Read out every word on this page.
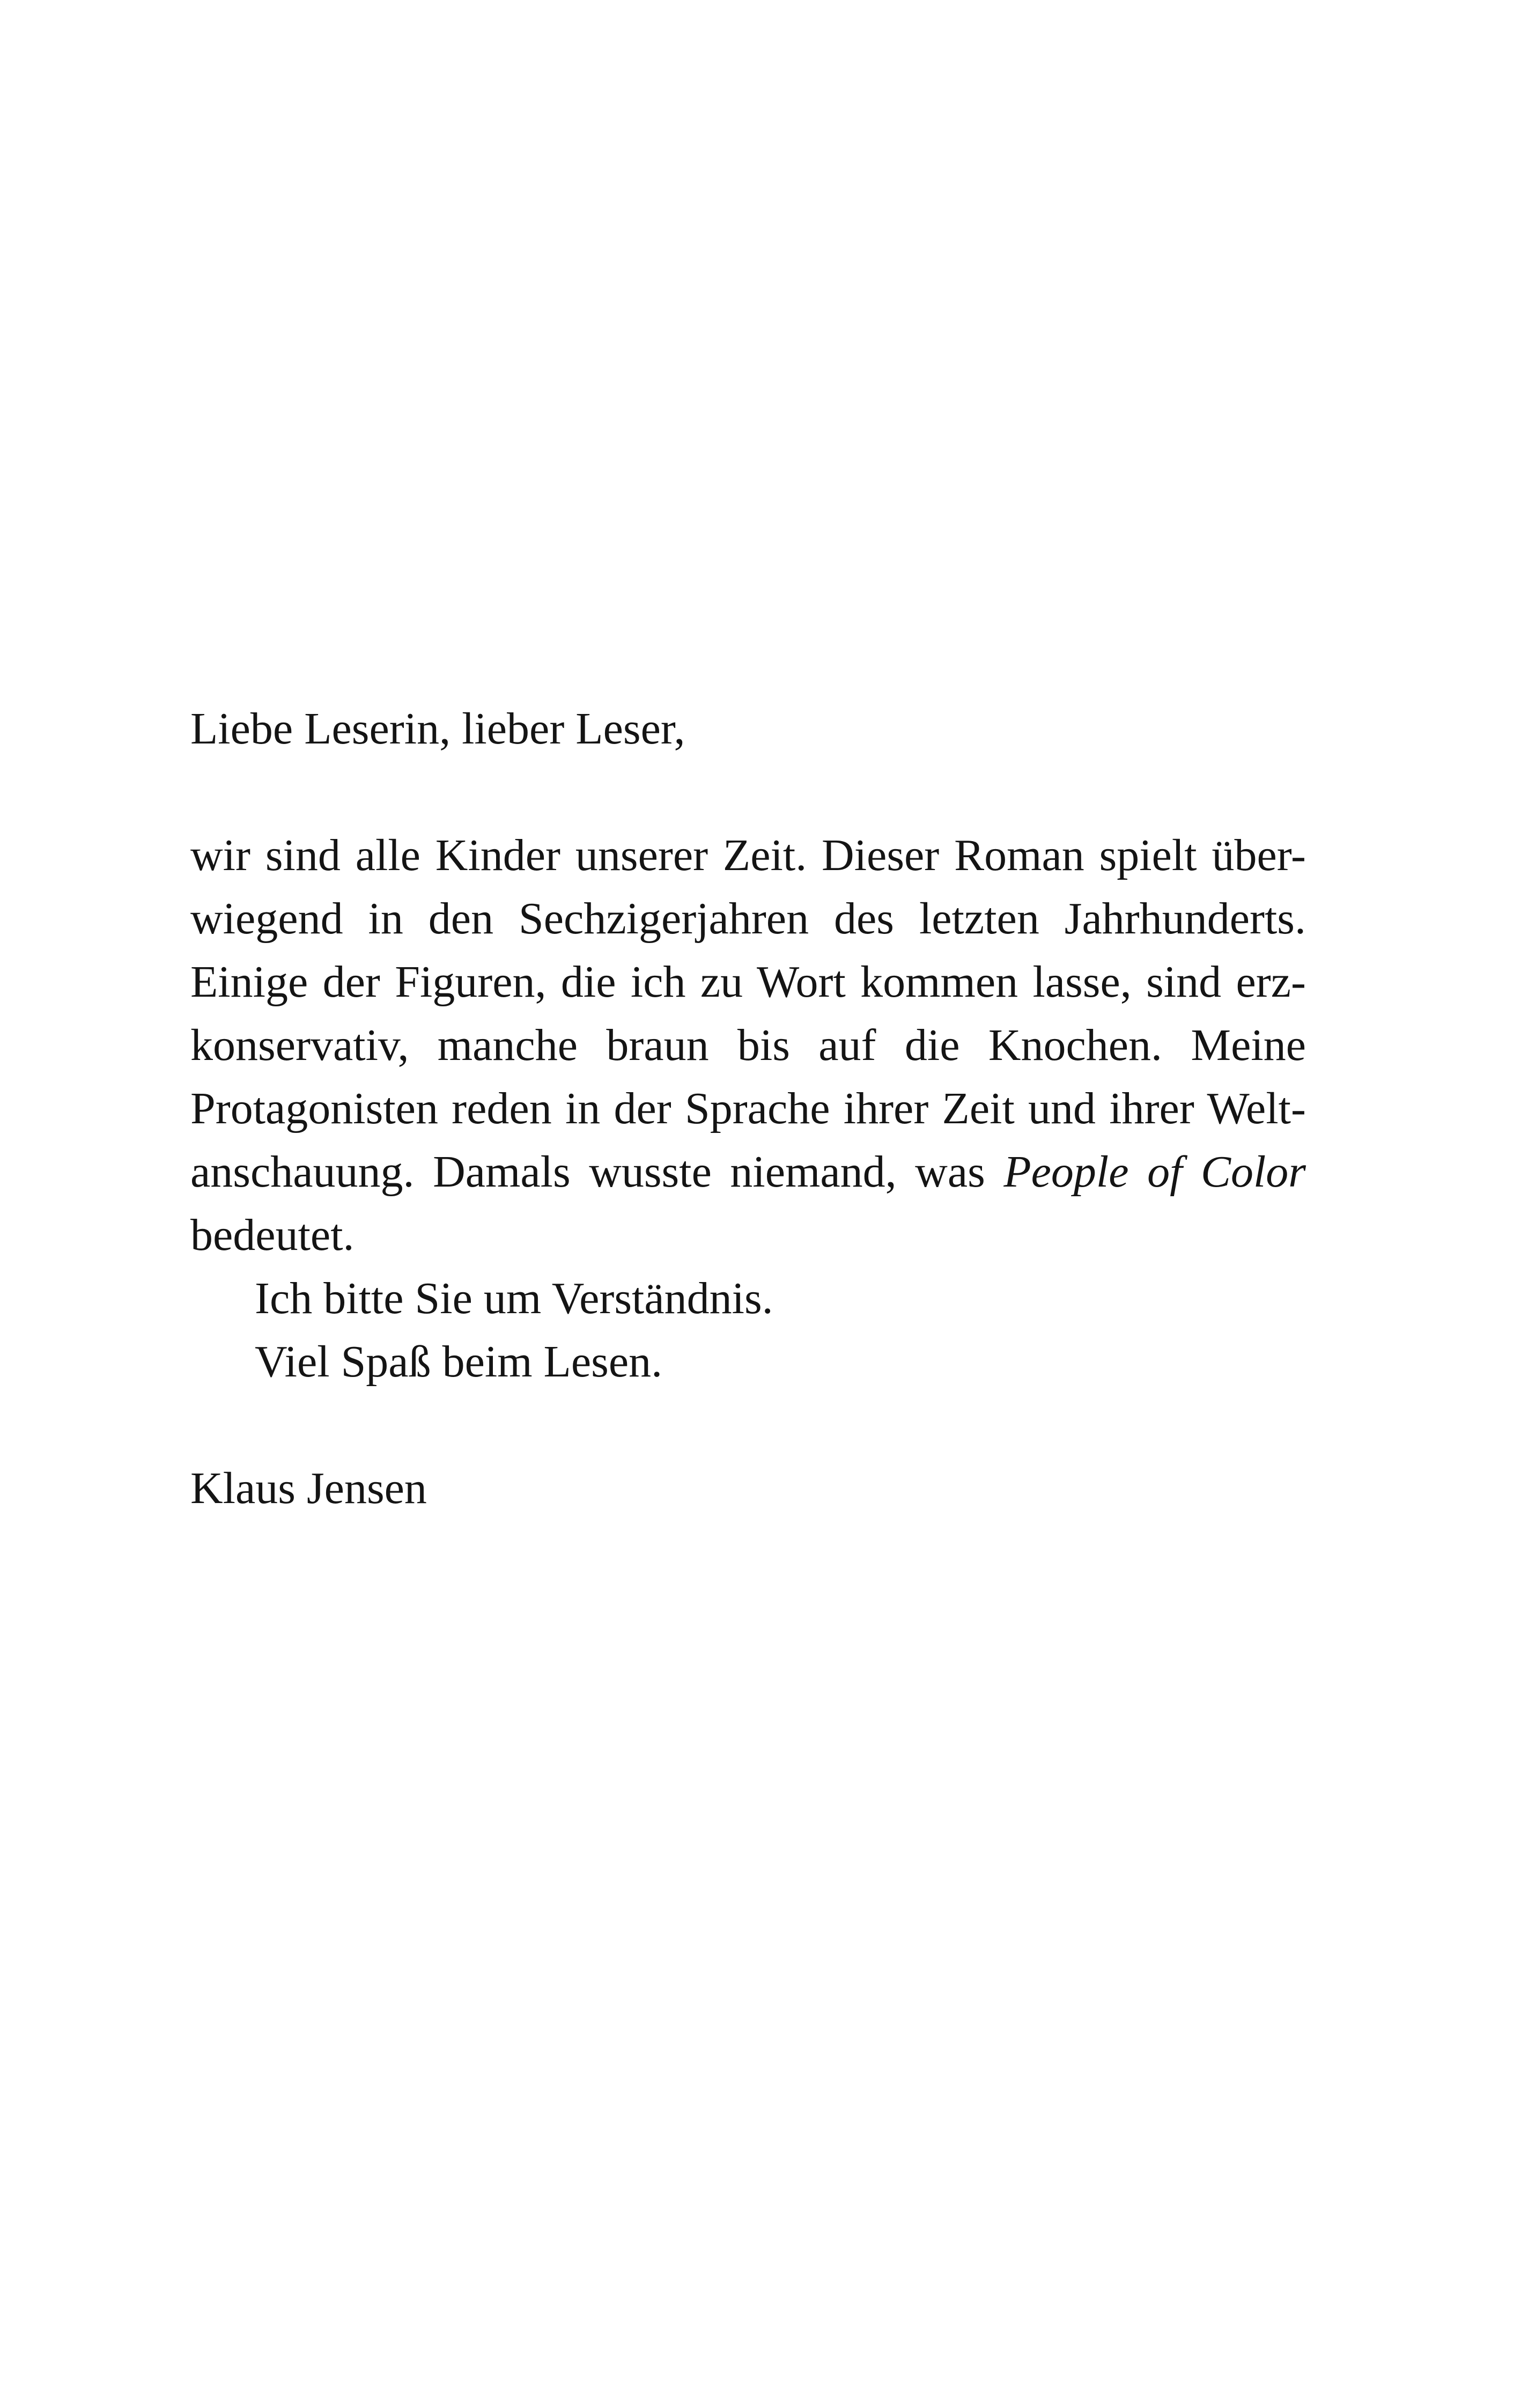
Liebe Leserin, lieber Leser,
wir sind alle Kinder unserer Zeit. Dieser Roman spielt über-
wiegend in den Sechzigerjahren des letzten Jahrhunderts.
Einige der Figuren, die ich zu Wort kommen lasse, sind erz-
konservativ, manche braun bis auf die Knochen. Meine
Protagonisten reden in der Sprache ihrer Zeit und ihrer Welt-
anschauung. Damals wusste niemand, was People of Color
bedeutet.
Ich bitte Sie um Verständnis.
Viel Spaß beim Lesen.
Klaus Jensen
